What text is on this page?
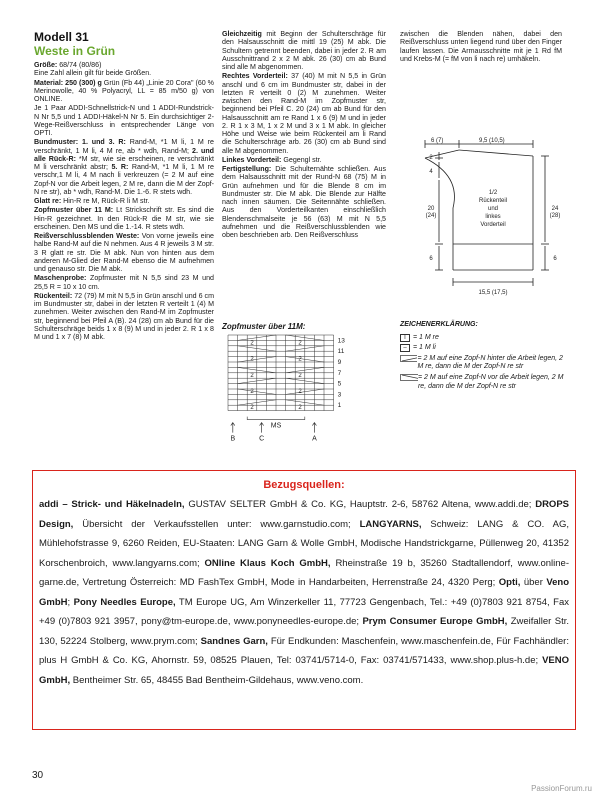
Modell 31
Weste in Grün

Größe: 68/74 (80/86)
Eine Zahl allein gilt für beide Größen.

Material: 250 (300) g Grün (Fb 44) „Linie 20 Cora" (60 % Merinowolle, 40 % Polyacryl, LL = 85 m/50 g) von ONLINE.

Je 1 Paar ADDI-Schnellstrick-N und 1 ADDI-Rundstrick-N Nr 5,5 und 1 ADDI-Häkel-N Nr 5. Ein durchsichtiger 2-Wege-Reißverschluss in entsprechender Länge von OPTI.

Bundmuster: 1. und 3. R: Rand-M, *1 M li, 1 M re verschränkt, 1 M li, 4 M re, ab * wdh, Rand-M; 2. und alle Rück-R: *M str, wie sie erscheinen, re verschränkt M li verschränkt abstr; 5. R: Rand-M, *1 M li, 1 M re verschr,1 M li, 4 M nach li verkreuzen (= 2 M auf eine Zopf-N vor die Arbeit legen, 2 M re, dann die M der Zopf-N re str), ab * wdh, Rand-M. Die 1.-6. R stets wdh.

Glatt re: Hin-R re M, Rück-R li M str.

Zopfmuster über 11 M: Lt Strickschrift str. Es sind die Hin-R gezeichnet. In den Rück-R die M str, wie sie erscheinen. Den MS und die 1.-14. R stets wdh.

Reißverschlussblenden Weste: Von vorne jeweils eine halbe Rand-M auf die N nehmen. Aus 4 R jeweils 3 M str. 3 R glatt re str. Die M abk. Nun von hinten aus dem anderen M-Glied der Rand-M ebenso die M aufnehmen und genauso str. Die M abk.

Maschenprobe: Zopfmuster mit N 5,5 sind 23 M und 25,5 R = 10 x 10 cm.

Rückenteil: 72 (79) M mit N 5,5 in Grün anschl und 6 cm im Bundmuster str, dabei in der letzten R verteilt 1 (4) M zunehmen. Weiter zwischen den Rand-M im Zopfmuster str, beginnend bei Pfeil A (B). 24 (28) cm ab Bund für die Schulterschräge beids 1 x 8 (9) M und in jeder 2. R 1 x 8 M und 1 x 7 (8) M abk.

Gleichzeitig mit Beginn der Schulterschräge für den Halsausschnitt die mittl 19 (25) M abk. Die Schultern getrennt beenden, dabei in jeder 2. R am Ausschnittrand 2 x 2 M abk. 26 (30) cm ab Bund sind alle M abgenommen.

Rechtes Vorderteil: 37 (40) M mit N 5,5 in Grün anschl und 6 cm im Bundmuster str, dabei in der letzten R verteilt 0 (2) M zunehmen. Weiter zwischen den Rand-M im Zopfmuster str, beginnend bei Pfeil C. 20 (24) cm ab Bund für den Halsausschnitt am re Rand 1 x 6 (9) M und in jeder 2. R 1 x 3 M, 1 x 2 M und 3 x 1 M abk. In gleicher Höhe und Weise wie beim Rückenteil am li Rand die Schulterschräge arb. 26 (30) cm ab Bund sind alle M abgenommen.

Linkes Vorderteil: Gegengl str.

Fertigstellung: Die Schulternähte schließen. Aus dem Halsausschnitt mit der Rund-N 68 (75) M in Grün aufnehmen und für die Blende 8 cm im Bundmuster str. Die M abk. Die Blende zur Hälfte nach innen säumen. Die Seitennähte schließen. Aus den Vorderteilkanten einschließlich Blendenschmalseite je 56 (63) M mit N 5,5 aufnehmen und die Reißverschlussblenden wie oben beschrieben arb. Den Reißverschluss

zwischen die Blenden nähen, dabei den Reißverschluss unten liegend rund über den Finger laufen lassen. Die Armausschnitte mit je 1 Rd fM und Krebs-M (= fM von li nach re) umhäkeln.

6 (7)	9,5 (10,5)
2
4
20
(24)
6
24
(28)
6
1/2
Rückenteil
und
linkes
Vorderteil
15,5 (17,5)
Zopfmuster über 11M:
13
11
9
7
5
3
1
2	2
2	2
2	2
2	2
2	2
MS
B	C	A
ZEICHENERKLÄRUNG:
I	= 1 M re
– = 1 M li
= 2 M auf eine Zopf-N hinter die Arbeit legen, 2 M re, dann die M der Zopf-N re str
= 2 M auf eine Zopf-N vor die Arbeit legen, 2 M re, dann die M der Zopf-N re str
Bezugsquellen:
addi – Strick- und Häkelnadeln, GUSTAV SELTER GmbH & Co. KG, Hauptstr. 2-6, 58762 Altena, www.addi.de; DROPS Design, Übersicht der Verkaufsstellen unter: www.garnstudio.com; LANGYARNS, Schweiz: LANG & CO. AG, Mühlehofstrasse 9, 6260 Reiden, EU-Staaten: LANG Garn & Wolle GmbH, Modische Handstrickgarne, Püllenweg 20, 41352 Korschenbroich, www.langyarns.com; ONline Klaus Koch GmbH, Rheinstraße 19 b, 35260 Stadtallendorf, www.online-garne.de, Vertretung Österreich: MD FashTex GmbH, Mode in Handarbeiten, Herrenstraße 24, 4320 Perg; Opti, über Veno GmbH; Pony Needles Europe, TM Europe UG, Am Winzerkeller 11, 77723 Gengenbach, Tel.: +49 (0)7803 921 8754, Fax +49 (0)7803 921 3957, pony@tm-europe.de, www.ponyneedles-europe.de; Prym Consumer Europe GmbH, Zweifaller Str. 130, 52224 Stolberg, www.prym.com; Sandnes Garn, Für Endkunden: Maschenfein, www.maschenfein.de, Für Fachhändler: plus H GmbH & Co. KG, Ahornstr. 59, 08525 Plauen, Tel: 03741/5714-0, Fax: 03741/571433, www.shop.plus-h.de; VENO GmbH, Bentheimer Str. 65, 48455 Bad Bentheim-Gildehaus, www.veno.com.
30
PassionForum.ru
